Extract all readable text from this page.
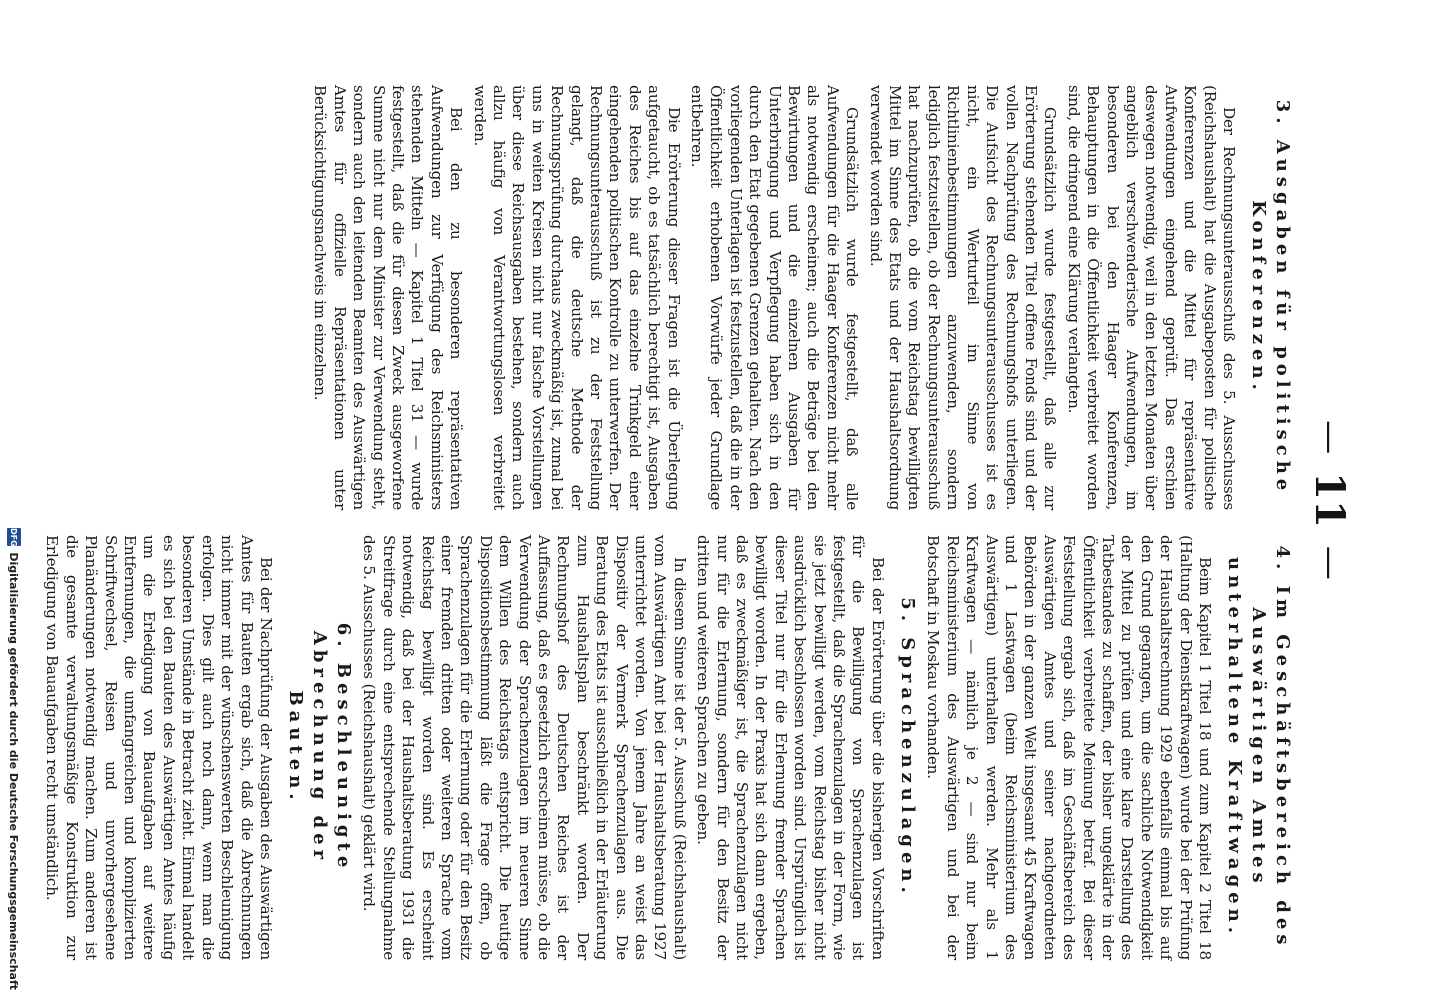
DFG
Digitalisierung gefördert durch die Deutsche Forschungsgemeinschaft
—
11
—
3. Ausgaben für politische
Konferenzen.

Der Rechnungsunterausschuß des 5. Ausschusses (Reichshaushalt) hat die Ausgabeposten für politische Konferenzen und die Mittel für repräsentative Aufwendungen eingehend geprüft. Das erschien deswegen notwendig, weil in den letzten Monaten über angeblich verschwenderische Aufwendungen, im besonderen bei den Haager Konferenzen, Behauptungen in die Öffentlichkeit verbreitet worden sind, die dringend eine Klärung verlangten.

Grundsätzlich wurde festgestellt, daß alle zur Erörterung stehenden Titel offene Fonds sind und der vollen Nachprüfung des Rechnungshofs unterliegen. Die Aufsicht des Rechnungsunterausschusses ist es nicht, ein Werturteil im Sinne von Richtlinienbestimmungen anzuwenden, sondern lediglich festzustellen, ob der Rechnungsunterausschuß hat nachzuprüfen, ob die vom Reichstag bewilligten Mittel im Sinne des Etats und der Haushaltsordnung verwendet worden sind.

Grundsätzlich wurde festgestellt, daß alle Aufwendungen für die Haager Konferenzen nicht mehr als notwendig erscheinen; auch die Beträge bei den Bewirtungen und die einzelnen Ausgaben für Unterbringung und Verpflegung haben sich in den durch den Etat gegebenen Grenzen gehalten. Nach den vorliegenden Unterlagen ist festzustellen, daß die in der Öffentlichkeit erhobenen Vorwürfe jeder Grundlage entbehren.

Die Erörterung dieser Fragen ist die Überlegung aufgetaucht, ob es tatsächlich berechtigt ist, Ausgaben des Reiches bis auf das einzelne Trinkgeld einer eingehenden politischen Kontrolle zu unterwerfen. Der Rechnungsunterausschuß ist zu der Feststellung gelangt, daß die deutsche Methode der Rechnungsprüfung durchaus zweckmäßig ist, zumal bei uns in weiten Kreisen nicht nur falsche Vorstellungen über diese Reichsausgaben bestehen, sondern auch allzu häufig von Verantwortungslosen verbreitet werden.

Bei den zu besonderen repräsentativen Aufwendungen zur Verfügung des Reichsministers stehenden Mitteln — Kapitel 1 Titel 31 — wurde festgestellt, daß die für diesen Zweck ausgeworfene Summe nicht nur dem Minister zur Verwendung steht, sondern auch den leitenden Beamten des Auswärtigen Amtes für offizielle Repräsentationen unter Berücksichtigungsnachweis im einzelnen.

4. Im Geschäftsbereich des Auswärtigen Amtes unterhaltene Kraftwagen.

Beim Kapitel 1 Titel 18 und zum Kapitel 2 Titel 18 (Haltung der Dienstkraftwagen) wurde bei der Prüfung der Haushaltsrechnung 1929 ebenfalls einmal bis auf den Grund gegangen, um die sachliche Notwendigkeit der Mittel zu prüfen und eine klare Darstellung des Tatbestandes zu schaffen, der bisher ungeklärte in der Öffentlichkeit verbreitete Meinung betraf. Bei dieser Feststellung ergab sich, daß im Geschäftsbereich des Auswärtigen Amtes und seiner nachgeordneten Behörden in der ganzen Welt insgesamt 45 Kraftwagen und 1 Lastwagen (beim Reichsministerium des Auswärtigen) unterhalten werden. Mehr als 1 Kraftwagen — nämlich je 2 — sind nur beim Reichsministerium des Auswärtigen und bei der Botschaft in Moskau vorhanden.

5. Sprachenzulagen.

Bei der Erörterung über die bisherigen Vorschriften für die Bewilligung von Sprachenzulagen ist festgestellt, daß die Sprachenzulagen in der Form, wie sie jetzt bewilligt werden, vom Reichstag bisher nicht ausdrücklich beschlossen worden sind. Ursprünglich ist dieser Titel nur für die Erlernung fremder Sprachen bewilligt worden. In der Praxis hat sich dann ergeben, daß es zweckmäßiger ist, die Sprachenzulagen nicht nur für die Erlernung, sondern für den Besitz der dritten und weiteren Sprachen zu geben.

In diesem Sinne ist der 5. Ausschuß (Reichshaushalt) vom Auswärtigen Amt bei der Haushaltsberatung 1927 unterrichtet worden. Von jenem Jahre an weist das Dispositiv der Vermerk Sprachenzulagen aus. Die Beratung des Etats ist ausschließlich in der Erläuterung zum Haushaltsplan beschränkt worden. Der Rechnungshof des Deutschen Reiches ist der Auffassung, daß es gesetzlich erscheinen müsse, ob die Verwendung der Sprachenzulagen im neueren Sinne dem Willen des Reichstags entspricht. Die heutige Dispositionsbestimmung läßt die Frage offen, ob Sprachenzulagen für die Erlernung oder für den Besitz einer fremden dritten oder weiteren Sprache vom Reichstag bewilligt worden sind. Es erscheint notwendig, daß bei der Haushaltsberatung 1931 die Streitfrage durch eine entsprechende Stellungnahme des 5. Ausschusses (Reichshaushalt) geklärt wird.

6. Beschleunigte Abrechnung der
Bauten.

Bei der Nachprüfung der Ausgaben des Auswärtigen Amtes für Bauten ergab sich, daß die Abrechnungen nicht immer mit der wünschenswerten Beschleunigung erfolgen. Dies gilt auch noch dann, wenn man die besonderen Umstände in Betracht zieht. Einmal handelt es sich bei den Bauten des Auswärtigen Amtes häufig um die Erledigung von Bauaufgaben auf weitere Entfernungen, die umfangreichen und komplizierten Schriftwechsel, Reisen und unvorhergesehene Planänderungen notwendig machen. Zum anderen ist die gesamte verwaltungsmäßige Konstruktion zur Erledigung von Bauaufgaben recht umständlich.
